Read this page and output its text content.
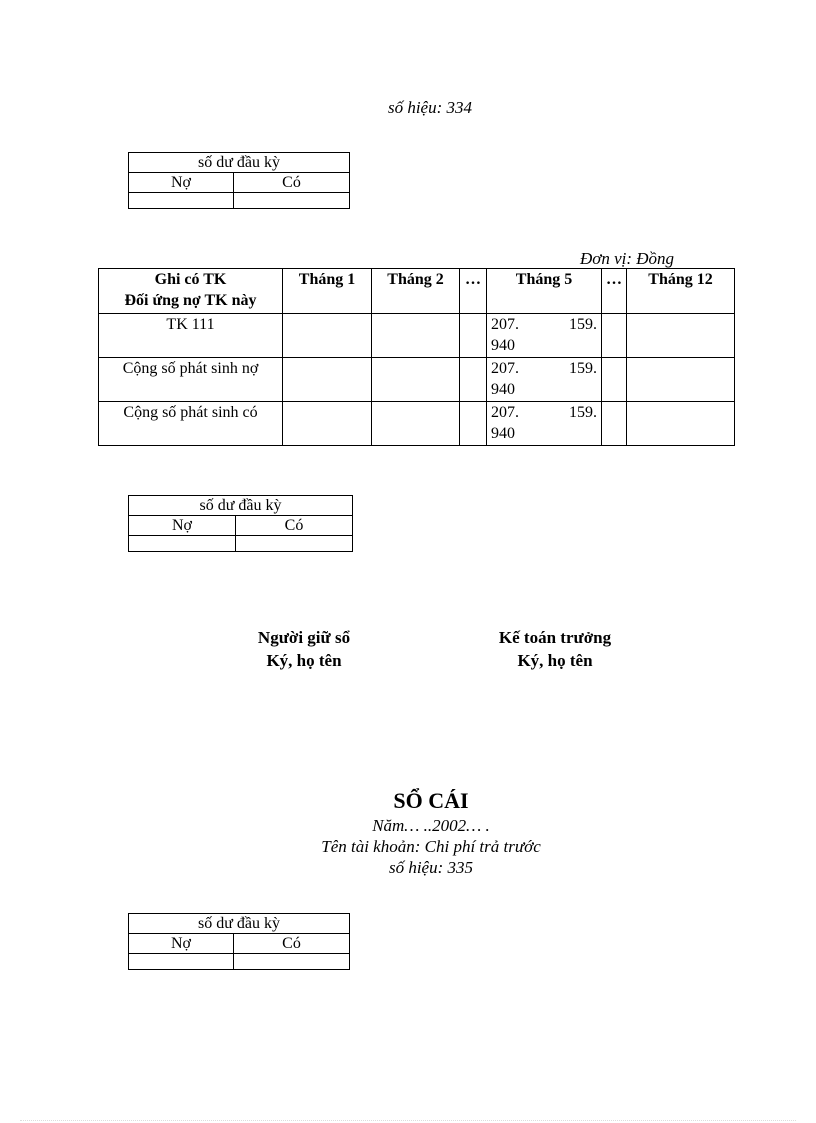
số hiệu: 334
số dư đầu kỳ	
Nợ	Có

Đơn vị: Đồng
Ghi có TK
Đối ứng nợ TK này	Tháng 1	Tháng 2	…	Tháng 5	…	Tháng 12
TK 111				207. 159.
940		

Cộng số phát sinh nợ				207. 159.
940		

Cộng số phát sinh có				207. 159.
940		

số dư đầu kỳ	
Nợ	Có

Người giữ sổ
Ký, họ tên
Kế toán trưởng
Ký, họ tên
SỔ CÁI
Năm… ..2002… .
Tên tài khoản: Chi phí trả trước
số hiệu: 335
số dư đầu kỳ	
Nợ	Có
